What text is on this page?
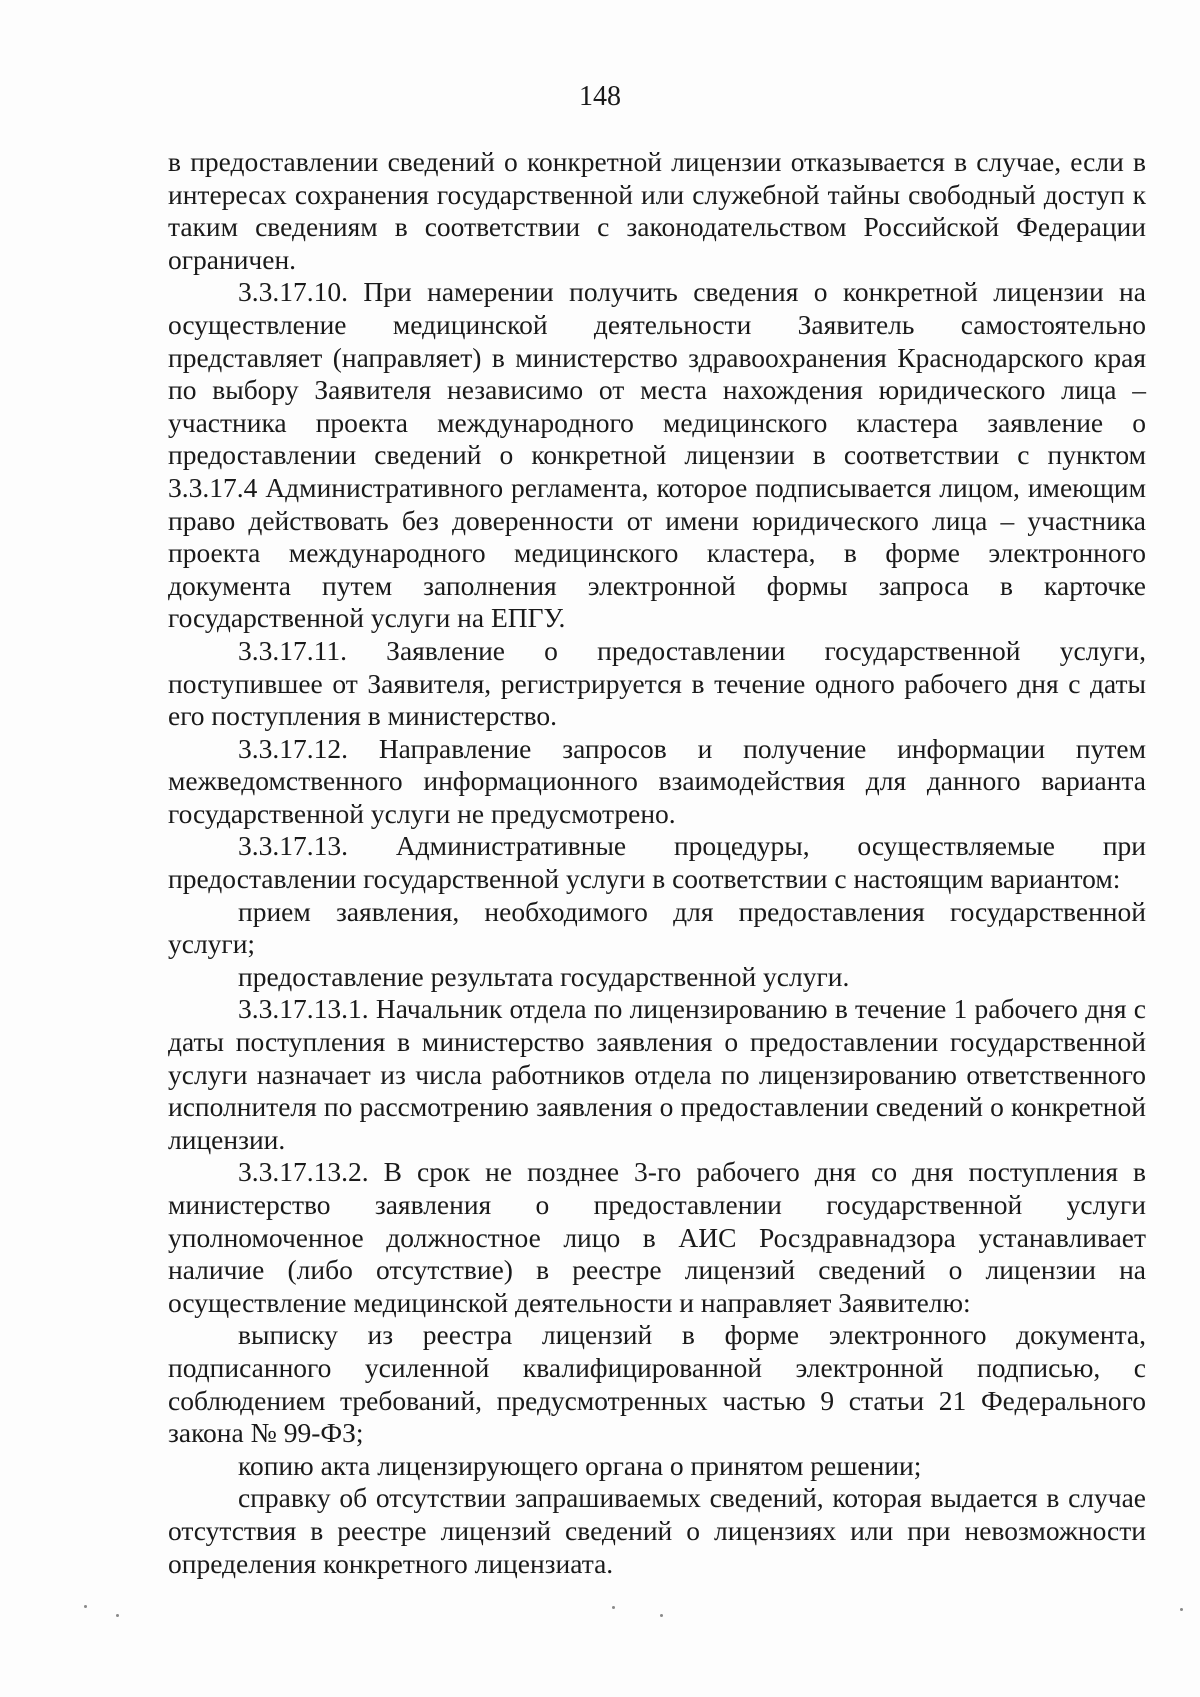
148

в предоставлении сведений о конкретной лицензии отказывается в случае, если в интересах сохранения государственной или служебной тайны свободный доступ к таким сведениям в соответствии с законодательством Российской Федерации ограничен.

3.3.17.10. При намерении получить сведения о конкретной лицензии на осуществление медицинской деятельности Заявитель самостоятельно представляет (направляет) в министерство здравоохранения Краснодарского края по выбору Заявителя независимо от места нахождения юридического лица – участника проекта международного медицинского кластера заявление о предоставлении сведений о конкретной лицензии в соответствии с пунктом 3.3.17.4 Административного регламента, которое подписывается лицом, имеющим право действовать без доверенности от имени юридического лица – участника проекта международного медицинского кластера, в форме электронного документа путем заполнения электронной формы запроса в карточке государственной услуги на ЕПГУ.

3.3.17.11. Заявление о предоставлении государственной услуги, поступившее от Заявителя, регистрируется в течение одного рабочего дня с даты его поступления в министерство.

3.3.17.12. Направление запросов и получение информации путем межведомственного информационного взаимодействия для данного варианта государственной услуги не предусмотрено.

3.3.17.13. Административные процедуры, осуществляемые при предоставлении государственной услуги в соответствии с настоящим вариантом:

прием заявления, необходимого для предоставления государственной услуги;

предоставление результата государственной услуги.

3.3.17.13.1. Начальник отдела по лицензированию в течение 1 рабочего дня с даты поступления в министерство заявления о предоставлении государственной услуги назначает из числа работников отдела по лицензированию ответственного исполнителя по рассмотрению заявления о предоставлении сведений о конкретной лицензии.

3.3.17.13.2. В срок не позднее 3-го рабочего дня со дня поступления в министерство заявления о предоставлении государственной услуги уполномоченное должностное лицо в АИС Росздравнадзора устанавливает наличие (либо отсутствие) в реестре лицензий сведений о лицензии на осуществление медицинской деятельности и направляет Заявителю:

выписку из реестра лицензий в форме электронного документа, подписанного усиленной квалифицированной электронной подписью, с соблюдением требований, предусмотренных частью 9 статьи 21 Федерального закона № 99-ФЗ;

копию акта лицензирующего органа о принятом решении;

справку об отсутствии запрашиваемых сведений, которая выдается в случае отсутствия в реестре лицензий сведений о лицензиях или при невозможности определения конкретного лицензиата.
